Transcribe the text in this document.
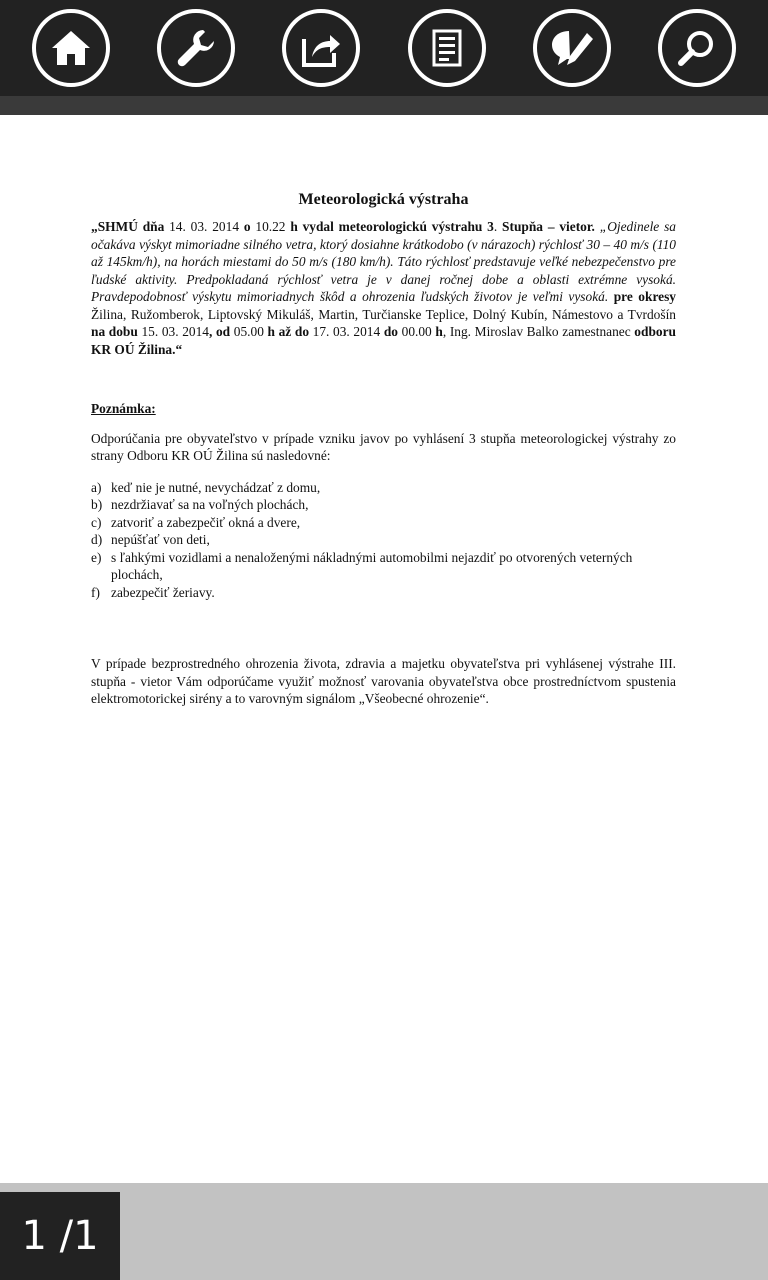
Meteorologická výstraha

„SHMÚ dňa 14. 03. 2014 o 10.22 h vydal meteorologickú výstrahu 3. Stupňa – vietor. „Ojedinele sa očakáva výskyt mimoriadne silného vetra, ktorý dosiahne krátkodobo (v nárazoch) rýchlosť 30 – 40 m/s (110 až 145km/h), na horách miestami do 50 m/s (180 km/h). Táto rýchlosť predstavuje veľké nebezpečenstvo pre ľudské aktivity. Predpokladaná rýchlosť vetra je v danej ročnej dobe a oblasti extrémne vysoká. Pravdepodobnosť výskytu mimoriadnych škôd a ohrozenia ľudských životov je veľmi vysoká. pre okresy Žilina, Ružomberok, Liptovský Mikuláš, Martin, Turčianske Teplice, Dolný Kubín, Námestovo a Tvrdošín na dobu 15. 03. 2014, od 05.00 h až do 17. 03. 2014 do 00.00 h, Ing. Miroslav Balko zamestnanec odboru KR OÚ Žilina.“

Poznámka:

Odporúčania pre obyvateľstvo v prípade vzniku javov po vyhlásení 3 stupňa meteorologickej výstrahy zo strany Odboru KR OÚ Žilina sú nasledovné:

a) keď nie je nutné, nevychádzať z domu,
b) nezdržiavať sa na voľných plochách,
c) zatvoriť a zabezpečiť okná a dvere,
d) nepúšťať von deti,
e) s ľahkými vozidlami a nenaloženými nákladnými automobilmi nejazdiť po otvorených veterných plochách,
f) zabezpečiť žeriavy.

V prípade bezprostredného ohrozenia života, zdravia a majetku obyvateľstva pri vyhlásenej výstrahe III. stupňa - vietor Vám odporúčame využiť možnosť varovania obyvateľstva obce prostredníctvom spustenia elektromotorickej sirény a to varovným signálom „Všeobecné ohrozenie“.

1 /1
